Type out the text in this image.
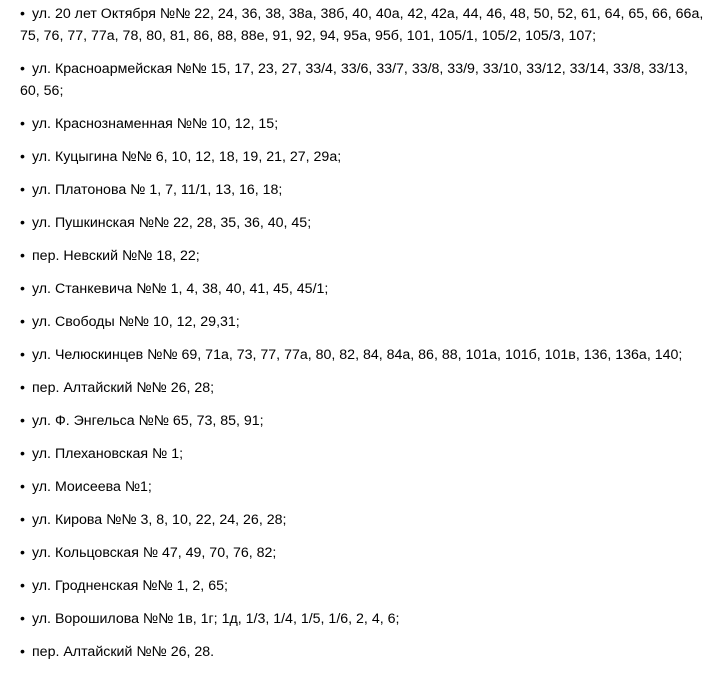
• ул. 20 лет Октября №№ 22, 24, 36, 38, 38а, 38б, 40, 40а, 42, 42а, 44, 46, 48, 50, 52, 61, 64, 65, 66, 66а, 75, 76, 77, 77а, 78, 80, 81, 86, 88, 88е, 91, 92, 94, 95а, 95б, 101, 105/1, 105/2, 105/3, 107;
• ул. Красноармейская №№ 15, 17, 23, 27, 33/4, 33/6, 33/7, 33/8, 33/9, 33/10, 33/12, 33/14, 33/8, 33/13, 60, 56;
• ул. Краснознаменная №№ 10, 12, 15;
• ул. Куцыгина №№ 6, 10, 12, 18, 19, 21, 27, 29а;
• ул. Платонова № 1, 7, 11/1, 13, 16, 18;
• ул. Пушкинская №№ 22, 28, 35, 36, 40, 45;
• пер. Невский №№ 18, 22;
• ул. Станкевича №№ 1, 4, 38, 40, 41, 45, 45/1;
• ул. Свободы №№ 10, 12, 29,31;
• ул. Челюскинцев №№ 69, 71а, 73, 77, 77а, 80, 82, 84, 84а, 86, 88, 101а, 101б, 101в, 136, 136а, 140;
• пер. Алтайский №№ 26, 28;
• ул. Ф. Энгельса №№ 65, 73, 85, 91;
• ул. Плехановская № 1;
• ул. Моисеева №1;
• ул. Кирова №№ 3, 8, 10, 22, 24, 26, 28;
• ул. Кольцовская № 47, 49, 70, 76, 82;
• ул. Гродненская №№ 1, 2, 65;
• ул. Ворошилова №№ 1в, 1г; 1д, 1/3, 1/4, 1/5, 1/6, 2, 4, 6;
• пер. Алтайский №№ 26, 28.
